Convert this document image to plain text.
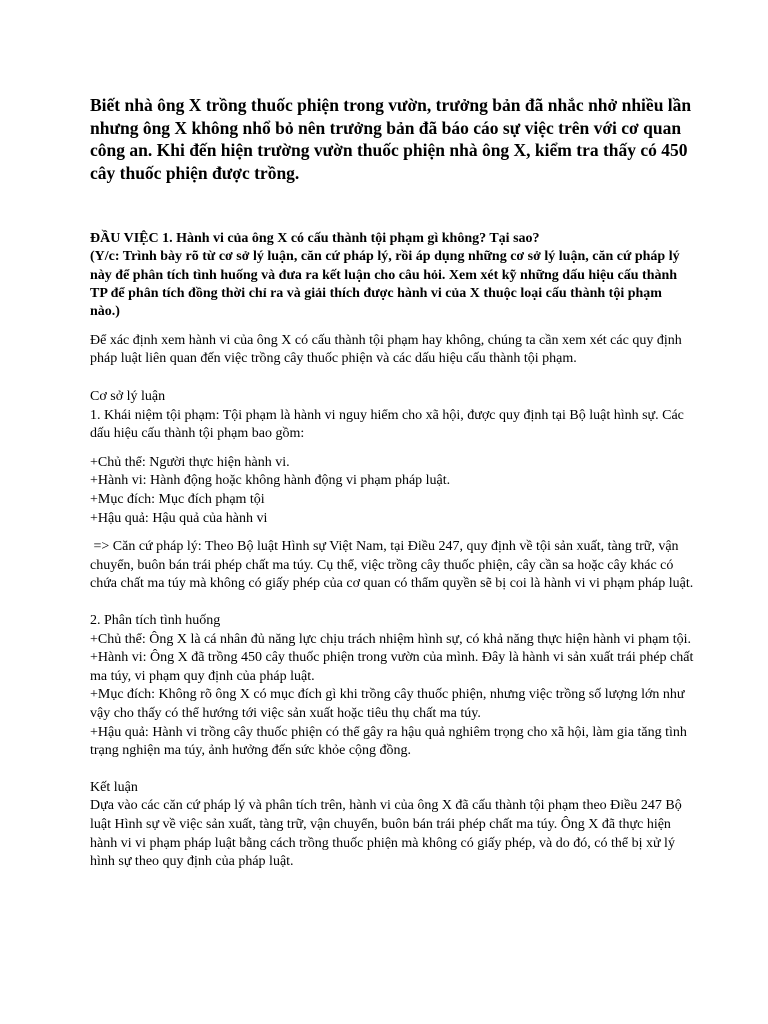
Biết nhà ông X trồng thuốc phiện trong vườn, trưởng bản đã nhắc nhở nhiều lần nhưng ông X không nhổ bỏ nên trưởng bản đã báo cáo sự việc trên với cơ quan công an. Khi đến hiện trường vườn thuốc phiện nhà ông X, kiểm tra thấy có 450 cây thuốc phiện được trồng.

ĐẦU VIỆC 1. Hành vi của ông X có cấu thành tội phạm gì không? Tại sao?

(Y/c: Trình bày rõ từ cơ sở lý luận, căn cứ pháp lý, rồi áp dụng những cơ sở lý luận, căn cứ pháp lý này để phân tích tình huống và đưa ra kết luận cho câu hỏi. Xem xét kỹ những dấu hiệu cấu thành TP để phân tích đồng thời chỉ ra và giải thích được hành vi của X thuộc loại cấu thành tội phạm nào.)

Để xác định xem hành vi của ông X có cấu thành tội phạm hay không, chúng ta cần xem xét các quy định pháp luật liên quan đến việc trồng cây thuốc phiện và các dấu hiệu cấu thành tội phạm.

Cơ sở lý luận

1. Khái niệm tội phạm: Tội phạm là hành vi nguy hiểm cho xã hội, được quy định tại Bộ luật hình sự. Các dấu hiệu cấu thành tội phạm bao gồm:

+Chủ thể: Người thực hiện hành vi.

+Hành vi: Hành động hoặc không hành động vi phạm pháp luật.

+Mục đích: Mục đích phạm tội

+Hậu quả: Hậu quả của hành vi

=> Căn cứ pháp lý: Theo Bộ luật Hình sự Việt Nam, tại Điều 247, quy định về tội sản xuất, tàng trữ, vận chuyển, buôn bán trái phép chất ma túy. Cụ thể, việc trồng cây thuốc phiện, cây cần sa hoặc cây khác có chứa chất ma túy mà không có giấy phép của cơ quan có thẩm quyền sẽ bị coi là hành vi vi phạm pháp luật.

2. Phân tích tình huống

+Chủ thể: Ông X là cá nhân đủ năng lực chịu trách nhiệm hình sự, có khả năng thực hiện hành vi phạm tội.

+Hành vi: Ông X đã trồng 450 cây thuốc phiện trong vườn của mình. Đây là hành vi sản xuất trái phép chất ma túy, vi phạm quy định của pháp luật.

+Mục đích: Không rõ ông X có mục đích gì khi trồng cây thuốc phiện, nhưng việc trồng số lượng lớn như vậy cho thấy có thể hướng tới việc sản xuất hoặc tiêu thụ chất ma túy.

+Hậu quả: Hành vi trồng cây thuốc phiện có thể gây ra hậu quả nghiêm trọng cho xã hội, làm gia tăng tình trạng nghiện ma túy, ảnh hưởng đến sức khỏe cộng đồng.

Kết luận

Dựa vào các căn cứ pháp lý và phân tích trên, hành vi của ông X đã cấu thành tội phạm theo Điều 247 Bộ luật Hình sự về việc sản xuất, tàng trữ, vận chuyển, buôn bán trái phép chất ma túy. Ông X đã thực hiện hành vi vi phạm pháp luật bằng cách trồng thuốc phiện mà không có giấy phép, và do đó, có thể bị xử lý hình sự theo quy định của pháp luật.
